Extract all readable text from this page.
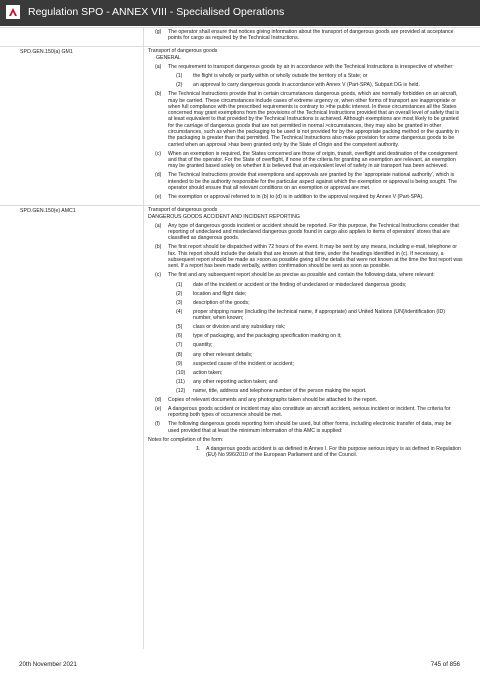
Regulation SPO - ANNEX VIII - Specialised Operations
(g) The operator shall ensure that notices giving information about the transport of dangerous goods are provided at acceptance points for cargo as required by the Technical Instructions.
SPO.GEN.150(a) GM1	Transport of dangerous goods

GENERAL

(a) The requirement to transport dangerous goods by air in accordance with the Technical Instructions is irrespective of whether:
(1) the flight is wholly or partly within or wholly outside the territory of a State; or
(2) an approval to carry dangerous goods in accordance with Annex V (Part-SPA), Subpart DG is held.
(b) The Technical Instructions provide that in certain circumstances dangerous goods, which are normally forbidden on an aircraft, may be carried. These circumstances include cases of extreme urgency or, when other forms of transport are inappropriate or when full compliance with the prescribed requirements is contrary to >the public interest. In these circumstances all the States concerned may grant exemptions from the provisions of the Technical Instructions provided that an overall level of safety that is at least equivalent to that provided by the Technical Instructions is achieved. Although exemptions are most likely to be granted for the carriage of dangerous goods that are not permitted in normal >circumstances, they may also be granted in other circumstances, such as when the packaging to be used is not provided for by the appropriate packing method or the quantity in the packaging is greater than that permitted. The Technical Instructions also make provision for some dangerous goods to be carried when an approval >has been granted only by the State of Origin and the competent authority.
(c) When an exemption is required, the States concerned are those of origin, transit, overflight and destination of the consignment and that of the operator. For the State of overflight, if none of the criteria for granting an exemption are relevant, an exemption may be granted based solely on whether it is believed that an equivalent level of safety in air transport has been achieved.
(d) The Technical Instructions provide that exemptions and approvals are granted by the ‘appropriate national authority’, which is intended to be the authority responsible for the particular aspect against which the exemption or approval is being sought. The operator should ensure that all relevant conditions on an exemption or approval are met.
(e) The exemption or approval referred to in (b) to (d) is in addition to the approval required by Annex V (Part-SPA).
SPO.GEN.150(e) AMC1	Transport of dangerous goods

DANGEROUS GOODS ACCIDENT AND INCIDENT REPORTING

(a) Any type of dangerous goods incident or accident should be reported. For this purpose, the Technical Instructions consider that reporting of undeclared and misdeclared dangerous goods found in cargo also applies to items of operators’ stores that are classified as dangerous goods.
(b) The first report should be dispatched within 72 hours of the event. It may be sent by any means, including e-mail, telephone or fax. This report should include the details that are known at that time, under the headings identified in (c). If necessary, a subsequent report should be made as >soon as possible giving all the details that were not known at the time the first report was sent. If a report has been made verbally, written confirmation should be sent as soon as possible.
(c) The first and any subsequent report should be as precise as possible and contain the following data, where relevant:
(1) date of the incident or accident or the finding of undeclared or misdeclared dangerous goods;
(2) location and flight date;
(3) description of the goods;
(4) proper shipping name (including the technical name, if appropriate) and United Nations (UN)/identification (ID) number, when known;
(5) class or division and any subsidiary risk;
(6) type of packaging, and the packaging specification marking on it;
(7) quantity;
(8) any other relevant details;
(9) suspected cause of the incident or accident;
(10) action taken;
(11) any other reporting action taken; and
(12) name, title, address and telephone number of the person making the report.
(d) Copies of relevant documents and any photographs taken should be attached to the report.
(e) A dangerous goods accident or incident may also constitute an aircraft accident, serious incident or incident. The criteria for reporting both types of occurrence should be met.
(f) The following dangerous goods reporting form should be used, but other forms, including electronic transfer of data, may be used provided that at least the minimum information of this AMC is supplied:

Notes for completion of the form:

1. A dangerous goods accident is as defined in Annex I. For this purpose serious injury is as defined in Regulation (EU) No 996/2010 of the European Parliament and of the Council.
20th November 2021	745 of 856
